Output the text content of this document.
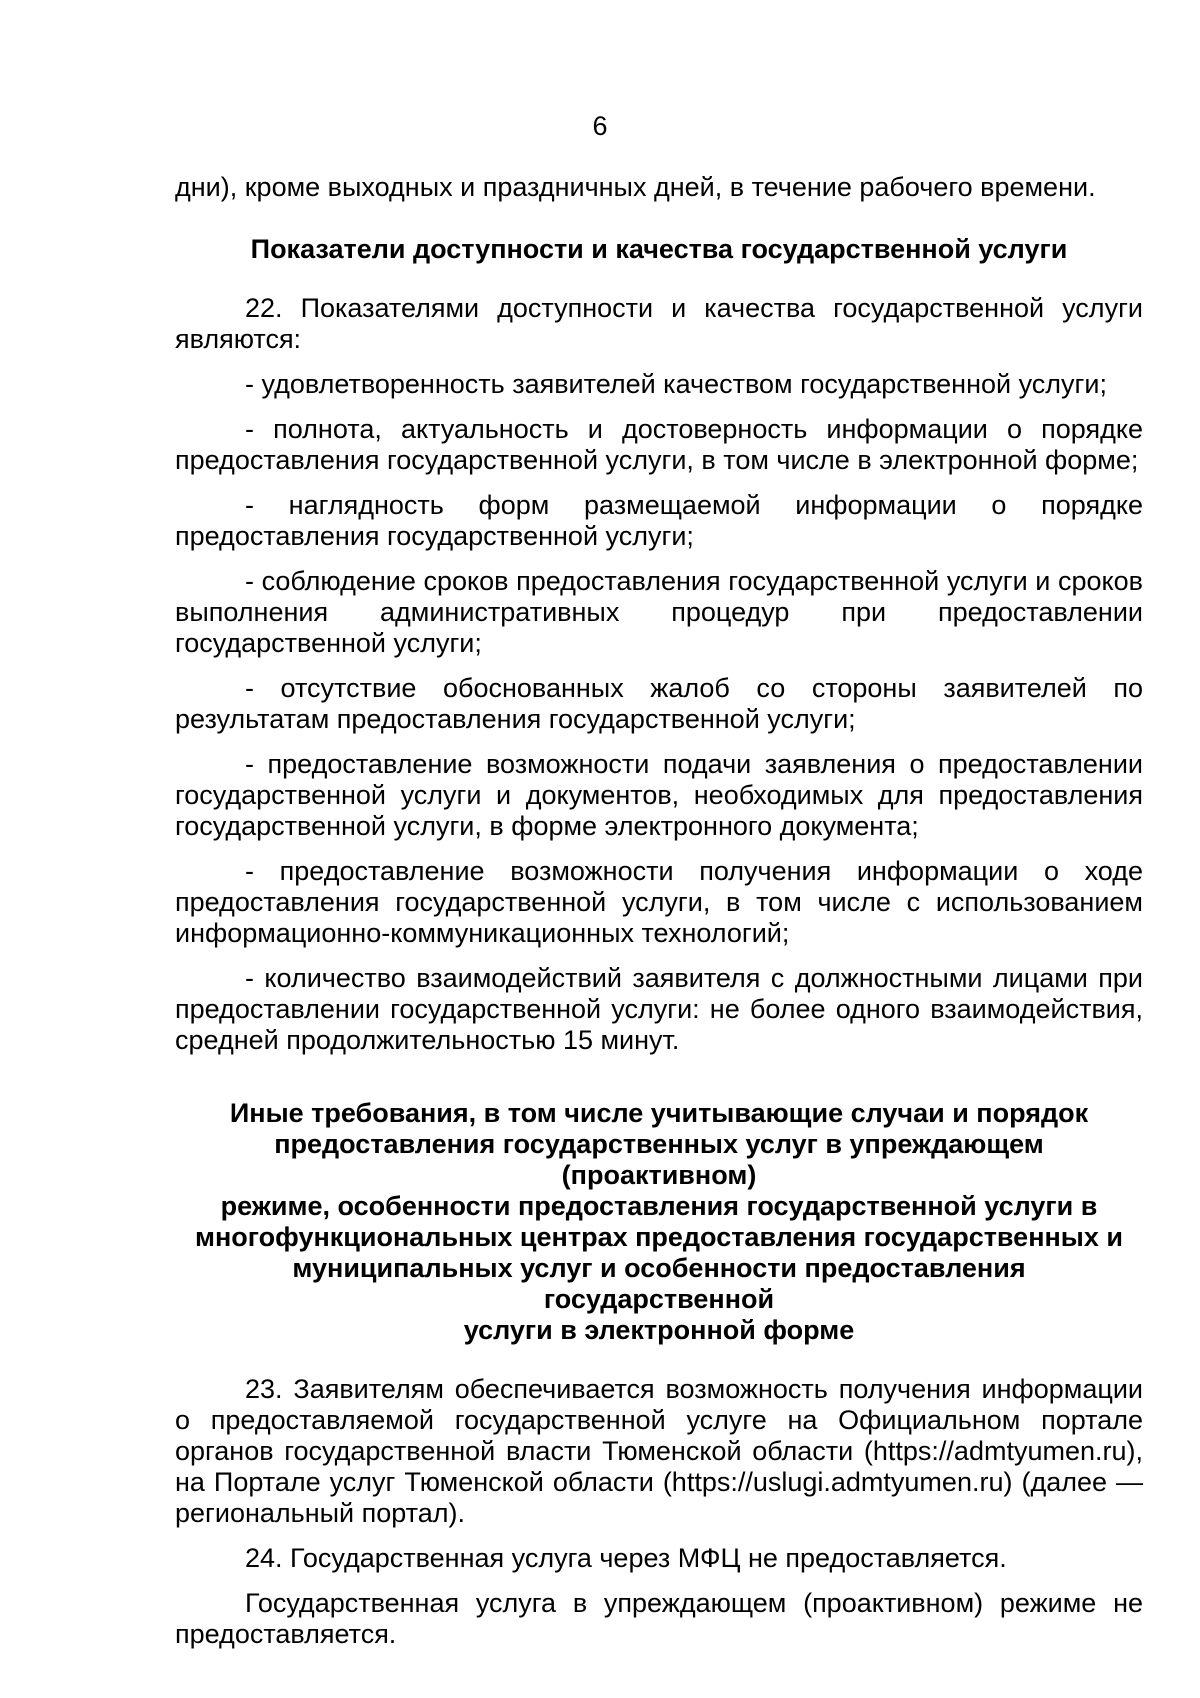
6

дни), кроме выходных и праздничных дней, в течение рабочего времени.

Показатели доступности и качества государственной услуги

22. Показателями доступности и качества государственной услуги являются:

- удовлетворенность заявителей качеством государственной услуги;

- полнота, актуальность и достоверность информации о порядке предоставления государственной услуги, в том числе в электронной форме;

- наглядность форм размещаемой информации о порядке предоставления государственной услуги;

- соблюдение сроков предоставления государственной услуги и сроков выполнения административных процедур при предоставлении государственной услуги;

- отсутствие обоснованных жалоб со стороны заявителей по результатам предоставления государственной услуги;

- предоставление возможности подачи заявления о предоставлении государственной услуги и документов, необходимых для предоставления государственной услуги, в форме электронного документа;

- предоставление возможности получения информации о ходе предоставления государственной услуги, в том числе с использованием информационно-коммуникационных технологий;

- количество взаимодействий заявителя с должностными лицами при предоставлении государственной услуги: не более одного взаимодействия, средней продолжительностью 15 минут.

Иные требования, в том числе учитывающие случаи и порядок

предоставления государственных услуг в упреждающем (проактивном)

режиме, особенности предоставления государственной услуги в

многофункциональных центрах предоставления государственных и

муниципальных услуг и особенности предоставления государственной

услуги в электронной форме

23. Заявителям обеспечивается возможность получения информации о предоставляемой государственной услуге на Официальном портале органов государственной власти Тюменской области (https://admtyumen.ru), на Портале услуг Тюменской области (https://uslugi.admtyumen.ru) (далее — региональный портал).

24. Государственная услуга через МФЦ не предоставляется.

Государственная услуга в упреждающем (проактивном) режиме не предоставляется.
